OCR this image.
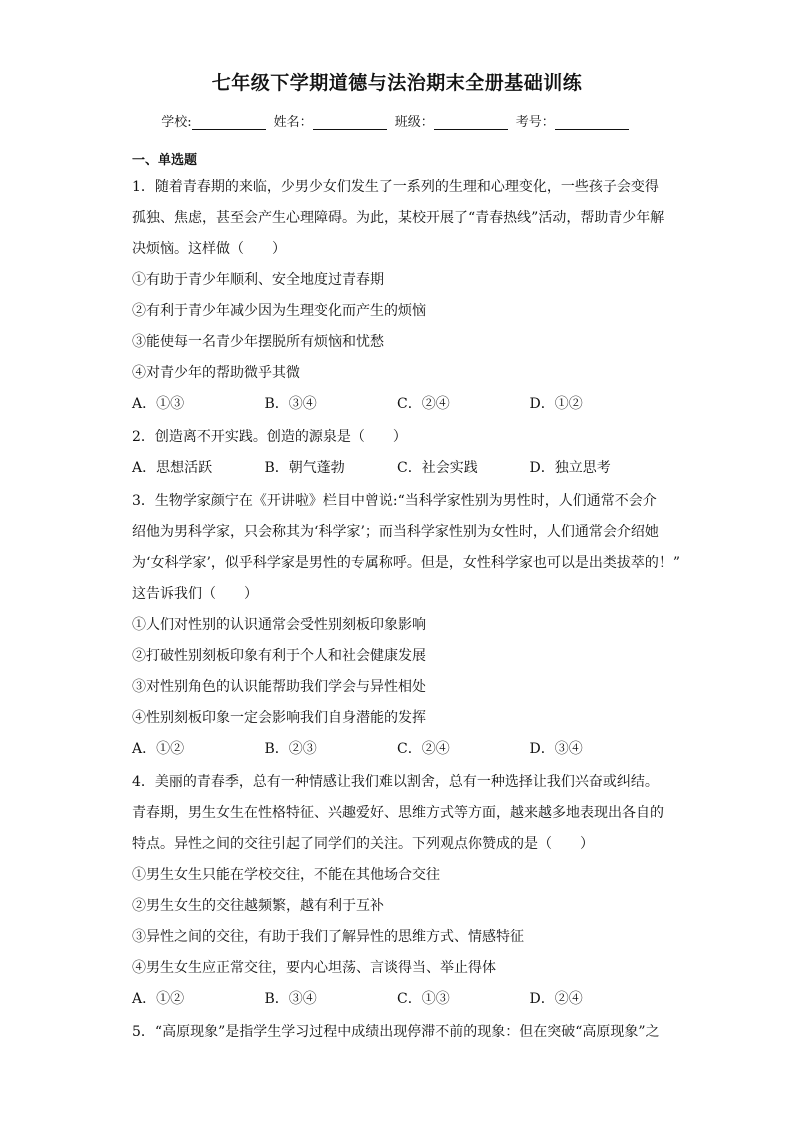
七年级下学期道德与法治期末全册基础训练
学校:	姓名：	班级：	考号：
一、单选题

1．随着青春期的来临，少男少女们发生了一系列的生理和心理变化，一些孩子会变得

孤独、焦虑，甚至会产生心理障碍。为此，某校开展了“青春热线”活动，帮助青少年解

决烦恼。这样做（　　）

①有助于青少年顺利、安全地度过青春期

②有利于青少年减少因为生理变化而产生的烦恼

③能使每一名青少年摆脱所有烦恼和忧愁

④对青少年的帮助微乎其微

A．①③	B．③④	C．②④	D．①②

2．创造离不开实践。创造的源泉是（　　）

A．思想活跃	B．朝气蓬勃	C．社会实践	D．独立思考

3．生物学家颜宁在《开讲啦》栏目中曾说:“当科学家性别为男性时，人们通常不会介

绍他为男科学家，只会称其为‘科学家’；而当科学家性别为女性时，人们通常会介绍她

为‘女科学家’，似乎科学家是男性的专属称呼。但是，女性科学家也可以是出类拔萃的！”

这告诉我们（　　）

①人们对性别的认识通常会受性别刻板印象影响

②打破性别刻板印象有利于个人和社会健康发展

③对性别角色的认识能帮助我们学会与异性相处

④性别刻板印象一定会影响我们自身潜能的发挥

A．①②	B．②③	C．②④	D．③④

4．美丽的青春季，总有一种情感让我们难以割舍，总有一种选择让我们兴奋或纠结。

青春期，男生女生在性格特征、兴趣爱好、思维方式等方面，越来越多地表现出各自的

特点。异性之间的交往引起了同学们的关注。下列观点你赞成的是（　　）

①男生女生只能在学校交往，不能在其他场合交往

②男生女生的交往越频繁，越有利于互补

③异性之间的交往，有助于我们了解异性的思维方式、情感特征

④男生女生应正常交往，要内心坦荡、言谈得当、举止得体

A．①②	B．③④	C．①③	D．②④

5．“高原现象”是指学生学习过程中成绩出现停滞不前的现象：但在突破“高原现象”之
